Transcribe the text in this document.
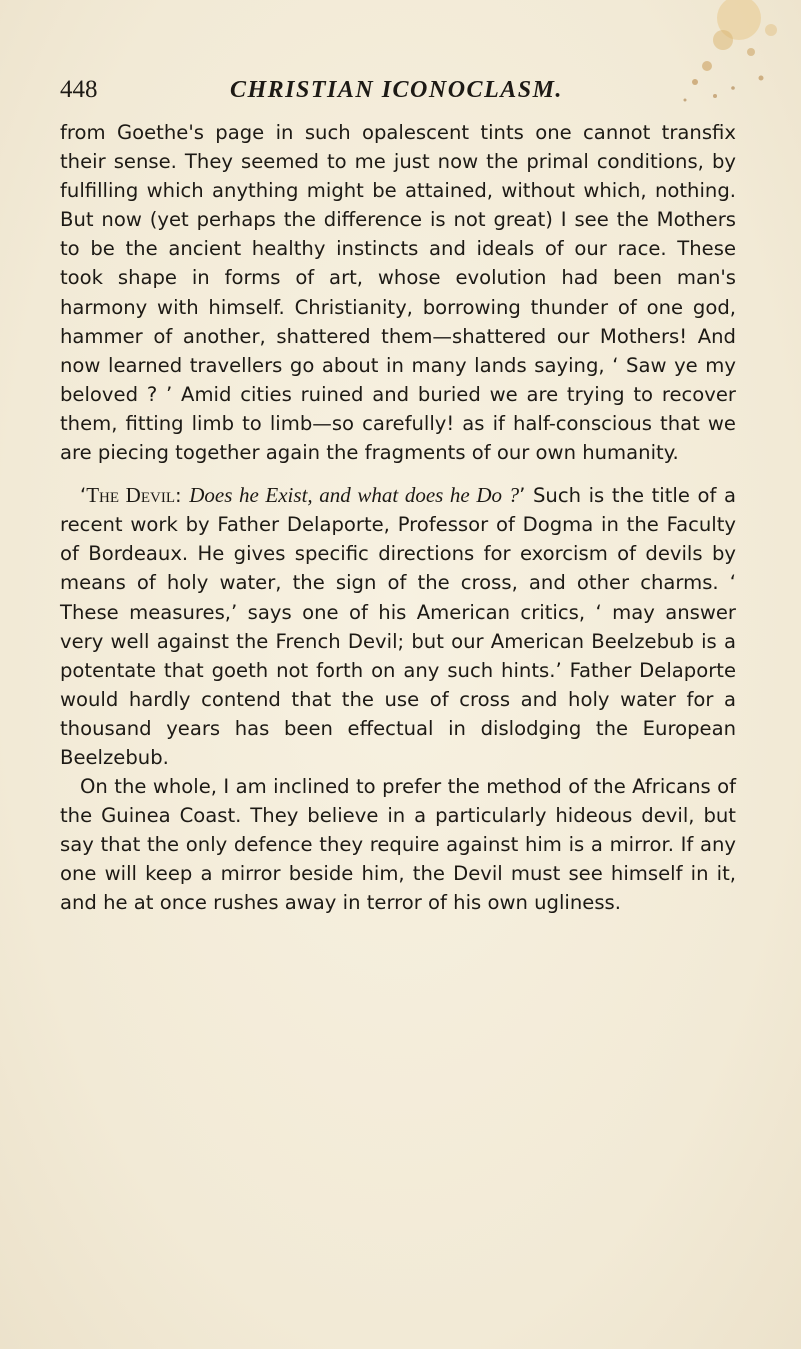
448	CHRISTIAN ICONOCLASM.

from Goethe's page in such opalescent tints one cannot transfix their sense. They seemed to me just now the primal conditions, by fulfilling which anything might be attained, without which, nothing. But now (yet perhaps the difference is not great) I see the Mothers to be the ancient healthy instincts and ideals of our race. These took shape in forms of art, whose evolution had been man's harmony with himself. Christianity, borrowing thunder of one god, hammer of another, shattered them—shattered our Mothers! And now learned travellers go about in many lands saying, ‘ Saw ye my beloved ? ’ Amid cities ruined and buried we are trying to recover them, fitting limb to limb—so carefully! as if half-conscious that we are piecing together again the fragments of our own humanity.

‘The Devil: Does he Exist, and what does he Do ?’ Such is the title of a recent work by Father Delaporte, Professor of Dogma in the Faculty of Bordeaux. He gives specific directions for exorcism of devils by means of holy water, the sign of the cross, and other charms. ‘ These measures,’ says one of his American critics, ‘ may answer very well against the French Devil; but our American Beelzebub is a potentate that goeth not forth on any such hints.’ Father Delaporte would hardly contend that the use of cross and holy water for a thousand years has been effectual in dislodging the European Beelzebub.

On the whole, I am inclined to prefer the method of the Africans of the Guinea Coast. They believe in a particularly hideous devil, but say that the only defence they require against him is a mirror. If any one will keep a mirror beside him, the Devil must see himself in it, and he at once rushes away in terror of his own ugliness.
